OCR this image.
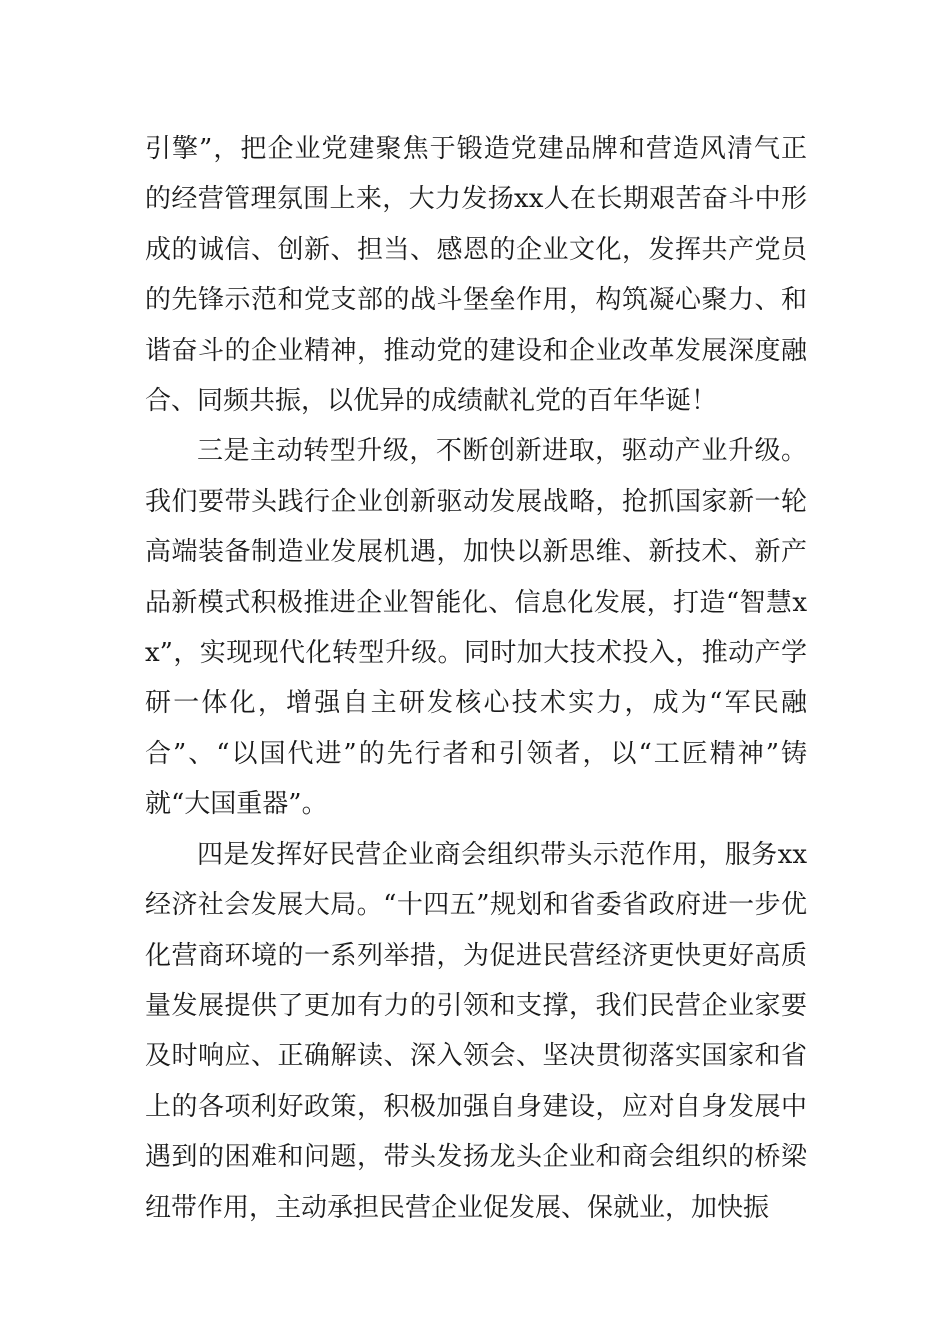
引擎”，把企业党建聚焦于锻造党建品牌和营造风清气正的经营管理氛围上来，大力发扬xx人在长期艰苦奋斗中形成的诚信、创新、担当、感恩的企业文化，发挥共产党员的先锋示范和党支部的战斗堡垒作用，构筑凝心聚力、和谐奋斗的企业精神，推动党的建设和企业改革发展深度融合、同频共振，以优异的成绩献礼党的百年华诞！

三是主动转型升级，不断创新进取，驱动产业升级。我们要带头践行企业创新驱动发展战略，抢抓国家新一轮高端装备制造业发展机遇，加快以新思维、新技术、新产品新模式积极推进企业智能化、信息化发展，打造“智慧xx”，实现现代化转型升级。同时加大技术投入，推动产学研一体化，增强自主研发核心技术实力，成为“军民融合”、“以国代进”的先行者和引领者，以“工匠精神”铸就“大国重器”。

四是发挥好民营企业商会组织带头示范作用，服务xx经济社会发展大局。“十四五”规划和省委省政府进一步优化营商环境的一系列举措，为促进民营经济更快更好高质量发展提供了更加有力的引领和支撑，我们民营企业家要及时响应、正确解读、深入领会、坚决贯彻落实国家和省上的各项利好政策，积极加强自身建设，应对自身发展中遇到的困难和问题，带头发扬龙头企业和商会组织的桥梁纽带作用，主动承担民营企业促发展、保就业，加快振
